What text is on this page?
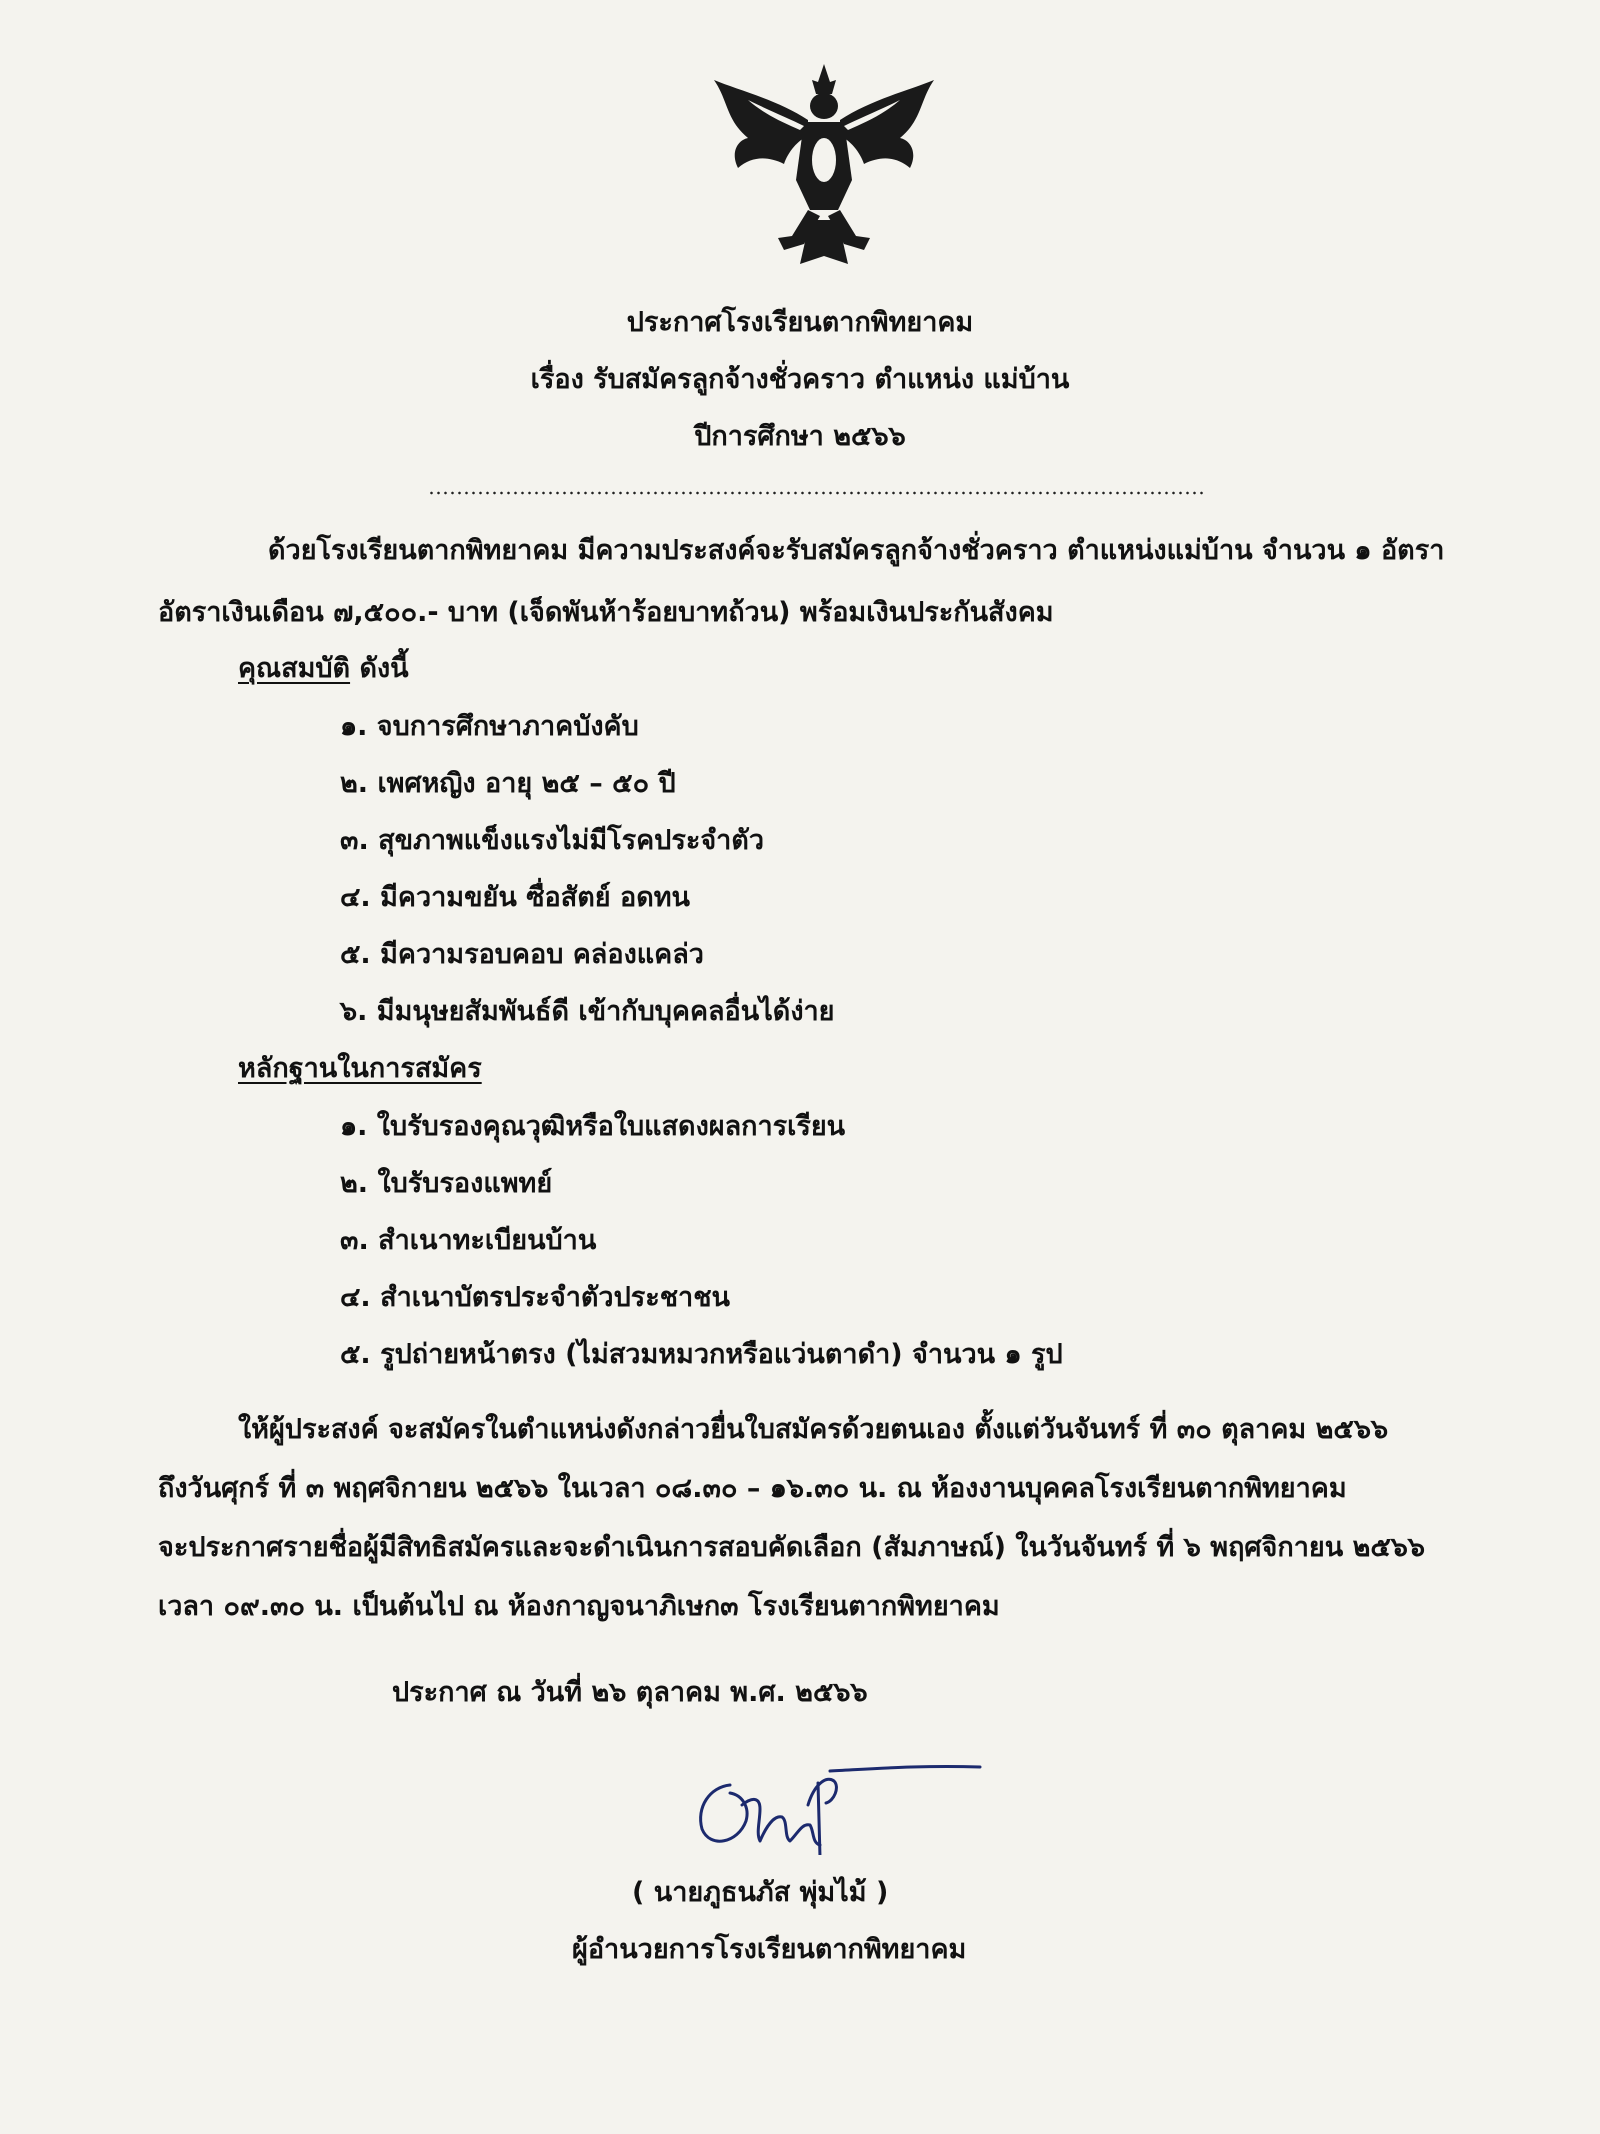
ประกาศโรงเรียนตากพิทยาคม
เรื่อง รับสมัครลูกจ้างชั่วคราว ตำแหน่ง แม่บ้าน
ปีการศึกษา ๒๕๖๖
ด้วยโรงเรียนตากพิทยาคม มีความประสงค์จะรับสมัครลูกจ้างชั่วคราว ตำแหน่งแม่บ้าน จำนวน ๑ อัตรา
อัตราเงินเดือน ๗,๕๐๐.- บาท (เจ็ดพันห้าร้อยบาทถ้วน) พร้อมเงินประกันสังคม
คุณสมบัติ ดังนี้
๑. จบการศึกษาภาคบังคับ
๒. เพศหญิง อายุ ๒๕ – ๕๐ ปี
๓. สุขภาพแข็งแรงไม่มีโรคประจำตัว
๔. มีความขยัน ซื่อสัตย์ อดทน
๕. มีความรอบคอบ คล่องแคล่ว
๖. มีมนุษยสัมพันธ์ดี เข้ากับบุคคลอื่นได้ง่าย
หลักฐานในการสมัคร
๑. ใบรับรองคุณวุฒิหรือใบแสดงผลการเรียน
๒. ใบรับรองแพทย์
๓. สำเนาทะเบียนบ้าน
๔. สำเนาบัตรประจำตัวประชาชน
๕. รูปถ่ายหน้าตรง (ไม่สวมหมวกหรือแว่นตาดำ) จำนวน ๑ รูป
ให้ผู้ประสงค์ จะสมัครในตำแหน่งดังกล่าวยื่นใบสมัครด้วยตนเอง ตั้งแต่วันจันทร์ ที่ ๓๐ ตุลาคม ๒๕๖๖
ถึงวันศุกร์ ที่ ๓ พฤศจิกายน ๒๕๖๖ ในเวลา ๐๘.๓๐ – ๑๖.๓๐ น. ณ ห้องงานบุคคลโรงเรียนตากพิทยาคม
จะประกาศรายชื่อผู้มีสิทธิสมัครและจะดำเนินการสอบคัดเลือก (สัมภาษณ์) ในวันจันทร์ ที่ ๖ พฤศจิกายน ๒๕๖๖
เวลา ๐๙.๓๐ น. เป็นต้นไป ณ ห้องกาญจนาภิเษก๓ โรงเรียนตากพิทยาคม
ประกาศ ณ วันที่ ๒๖ ตุลาคม พ.ศ. ๒๕๖๖
( นายภูธนภัส พุ่มไม้ )
ผู้อำนวยการโรงเรียนตากพิทยาคม
